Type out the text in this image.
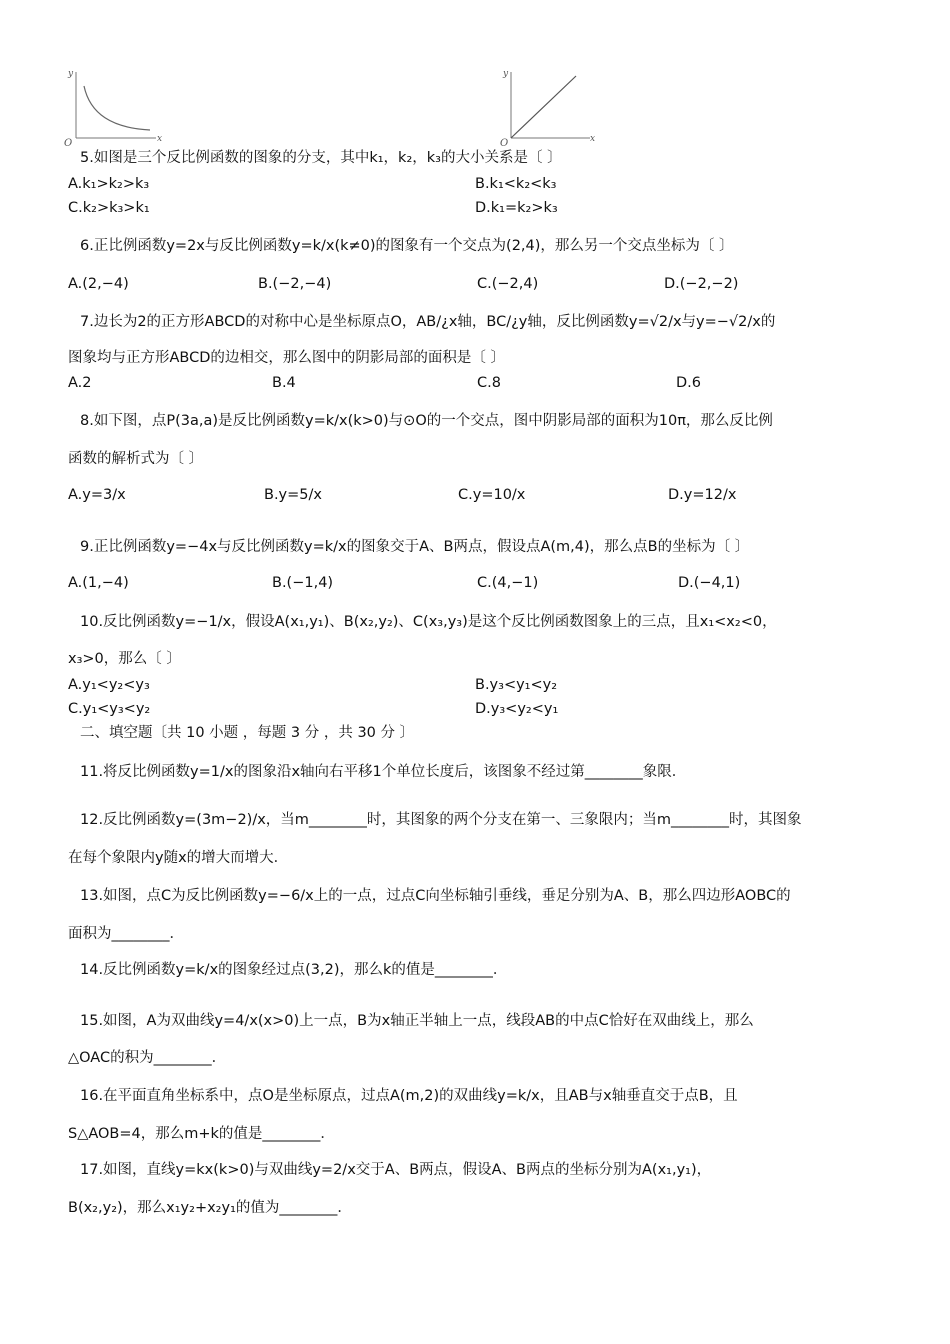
y
x
O
y
x
O
5.如图是三个反比例函数的图象的分支，其中k₁，k₂，k₃的大小关系是〔 〕
A.k₁>k₂>k₃	B.k₁<k₂<k₃
C.k₂>k₃>k₁	D.k₁=k₂>k₃
6.正比例函数y=2x与反比例函数y=k/x(k≠0)的图象有一个交点为(2,4)，那么另一个交点坐标为〔 〕
A.(2,−4)	B.(−2,−4)	C.(−2,4)	D.(−2,−2)
7.边长为2的正方形ABCD的对称中心是坐标原点O，AB/¿x轴，BC/¿y轴，反比例函数y=√2/x与y=−√2/x的
图象均与正方形ABCD的边相交，那么图中的阴影局部的面积是〔 〕
A.2	B.4	C.8	D.6
8.如下图，点P(3a,a)是反比例函数y=k/x(k>0)与⊙O的一个交点，图中阴影局部的面积为10π，那么反比例
函数的解析式为〔 〕
A.y=3/x	B.y=5/x	C.y=10/x	D.y=12/x
9.正比例函数y=−4x与反比例函数y=k/x的图象交于A、B两点，假设点A(m,4)，那么点B的坐标为〔 〕
A.(1,−4)	B.(−1,4)	C.(4,−1)	D.(−4,1)
10.反比例函数y=−1/x，假设A(x₁,y₁)、B(x₂,y₂)、C(x₃,y₃)是这个反比例函数图象上的三点，且x₁<x₂<0，
x₃>0，那么〔 〕
A.y₁<y₂<y₃	B.y₃<y₁<y₂
C.y₁<y₃<y₂	D.y₃<y₂<y₁
二、填空题〔共 10 小题 ，每题 3 分 ，共 30 分 〕
11.将反比例函数y=1/x的图象沿x轴向右平移1个单位长度后，该图象不经过第________象限．
12.反比例函数y=(3m−2)/x，当m________时，其图象的两个分支在第一、三象限内；当m________时，其图象
在每个象限内y随x的增大而增大．
13.如图，点C为反比例函数y=−6/x上的一点，过点C向坐标轴引垂线，垂足分别为A、B，那么四边形AOBC的
面积为________．
14.反比例函数y=k/x的图象经过点(3,2)，那么k的值是________．
15.如图，A为双曲线y=4/x(x>0)上一点，B为x轴正半轴上一点，线段AB的中点C恰好在双曲线上，那么
△OAC的积为________．
16.在平面直角坐标系中，点O是坐标原点，过点A(m,2)的双曲线y=k/x，且AB与x轴垂直交于点B，且
S△AOB=4，那么m+k的值是________．
17.如图，直线y=kx(k>0)与双曲线y=2/x交于A、B两点，假设A、B两点的坐标分别为A(x₁,y₁)，
B(x₂,y₂)，那么x₁y₂+x₂y₁的值为________．
